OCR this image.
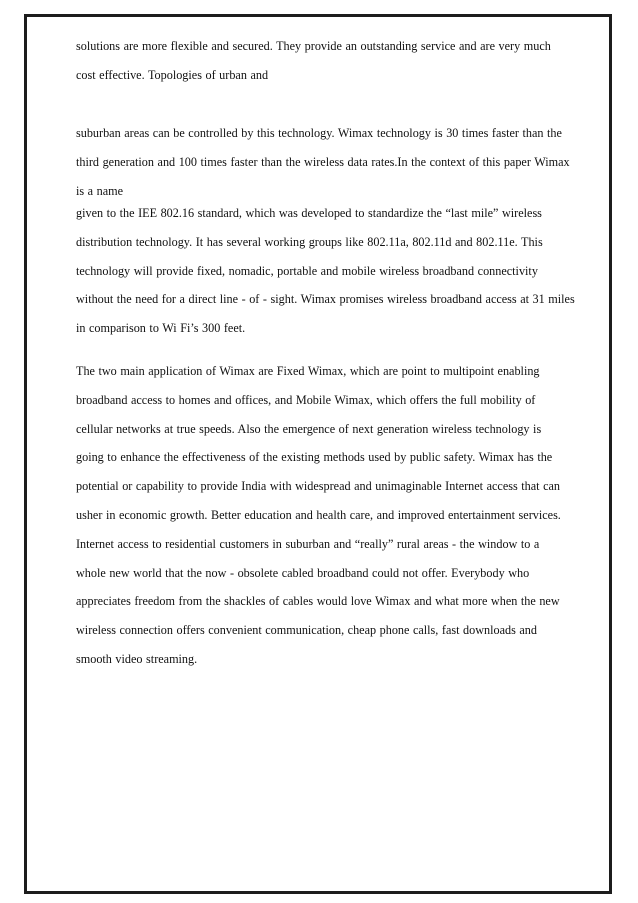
solutions are more flexible and secured. They provide an outstanding service and are very much
cost effective. Topologies of urban and
suburban areas can be controlled by this technology. Wimax technology is 30 times faster than the
third generation and 100 times faster than the wireless data rates.In the context of this paper Wimax
is a name
given to the IEE 802.16 standard, which was developed to standardize the “last mile” wireless
distribution technology. It has several working groups like 802.11a, 802.11d and 802.11e. This
technology will provide fixed, nomadic, portable and mobile wireless broadband connectivity
without the need for a direct line - of - sight. Wimax promises wireless broadband access at 31 miles
in comparison to Wi Fi’s 300 feet.
The two main application of Wimax are Fixed Wimax, which are point to multipoint enabling
broadband access to homes and offices, and Mobile Wimax, which offers the full mobility of
cellular networks at true speeds. Also the emergence of next generation wireless technology is
going to enhance the effectiveness of the existing methods used by public safety. Wimax has the
potential or capability to provide India with widespread and unimaginable Internet access that can
usher in economic growth. Better education and health care, and improved entertainment services.
Internet access to residential customers in suburban and “really” rural areas - the window to a
whole new world that the now - obsolete cabled broadband could not offer. Everybody who
appreciates freedom from the shackles of cables would love Wimax and what more when the new
wireless connection offers convenient communication, cheap phone calls, fast downloads and
smooth video streaming.
